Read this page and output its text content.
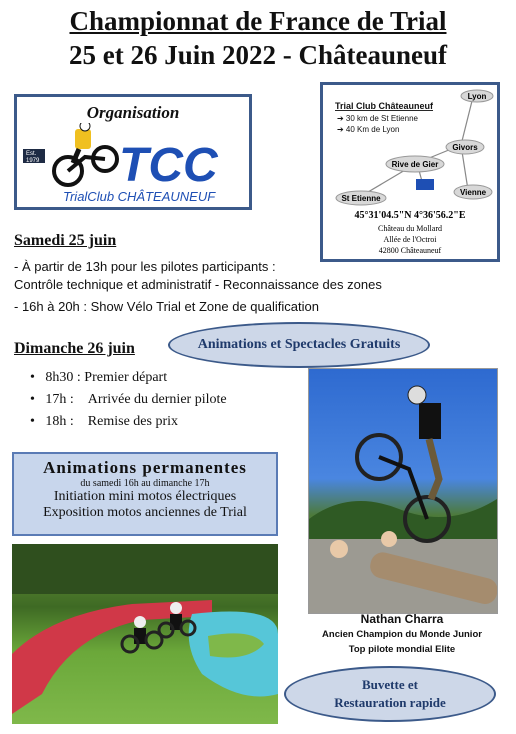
Championnat de France de Trial
25 et 26 Juin 2022 - Châteauneuf
Organisation
TCC
Est.
1979
TrialClub CHÂTEAUNEUF
Trial Club Châteauneuf
➔ 30 km de St Etienne
➔ 40 Km de Lyon
Lyon
Givors
Rive de Gier
Vienne
St Etienne
45°31'04.5"N 4°36'56.2"E
Château du Mollard
Allée de l'Octroi
42800 Châteauneuf
Samedi 25 juin
- À partir de 13h pour les pilotes participants :
Contrôle technique et administratif - Reconnaissance des zones
- 16h à 20h : Show Vélo Trial et Zone de qualification
Animations et Spectacles Gratuits
Dimanche 26 juin
•   8h30 : Premier départ
•   17h : Arrivée du dernier pilote
•   18h : Remise des prix
Animations permanentes
du samedi 16h au dimanche 17h
Initiation mini motos électriques
Exposition motos anciennes de Trial
Nathan Charra
Ancien Champion du Monde Junior
Top pilote mondial Elite
Buvette et
Restauration rapide
